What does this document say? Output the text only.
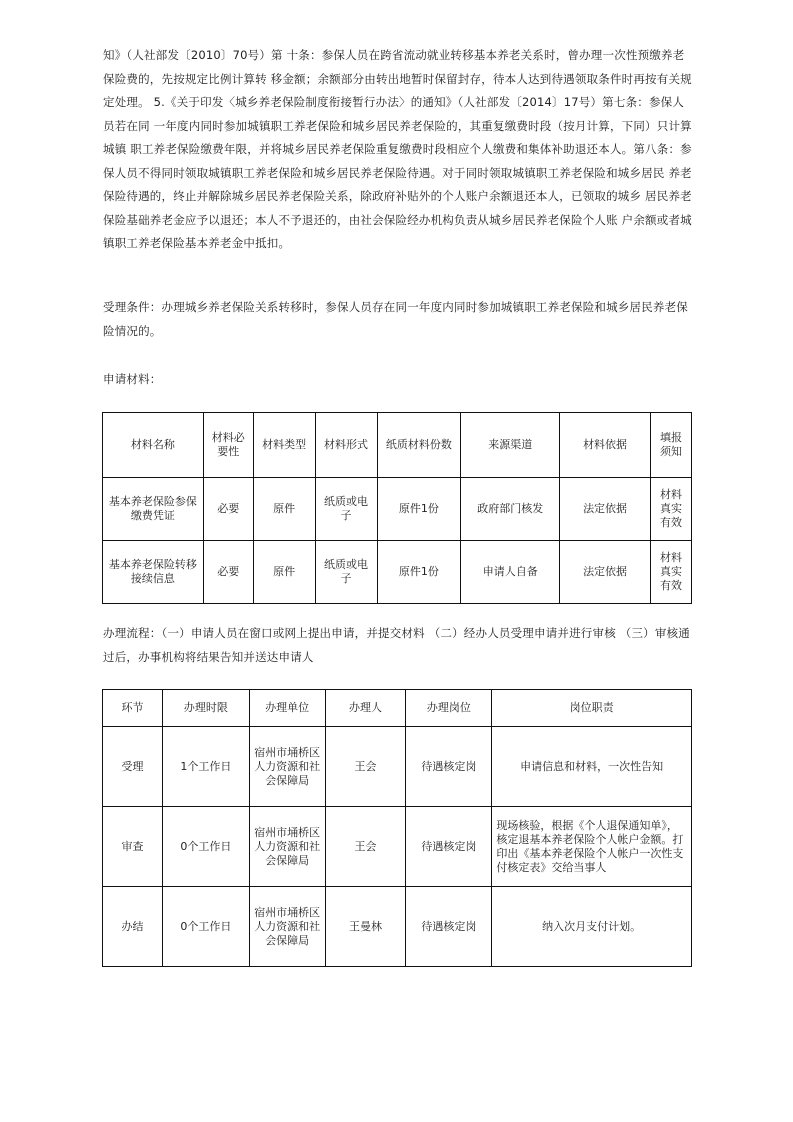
知》（人社部发〔2010〕70号）第 十条：参保人员在跨省流动就业转移基本养老关系时，曾办理一次性预缴养老保险费的，先按规定比例计算转 移金额；余额部分由转出地暂时保留封存，待本人达到待遇领取条件时再按有关规定处理。 5.《关于印发〈城乡养老保险制度衔接暂行办法〉的通知》（人社部发〔2014〕17号）第七条：参保人员若在同 一年度内同时参加城镇职工养老保险和城乡居民养老保险的，其重复缴费时段（按月计算，下同）只计算城镇 职工养老保险缴费年限，并将城乡居民养老保险重复缴费时段相应个人缴费和集体补助退还本人。第八条：参 保人员不得同时领取城镇职工养老保险和城乡居民养老保险待遇。对于同时领取城镇职工养老保险和城乡居民 养老保险待遇的，终止并解除城乡居民养老保险关系，除政府补贴外的个人账户余额退还本人，已领取的城乡 居民养老保险基础养老金应予以退还；本人不予退还的，由社会保险经办机构负责从城乡居民养老保险个人账 户余额或者城镇职工养老保险基本养老金中抵扣。

受理条件：办理城乡养老保险关系转移时，参保人员存在同一年度内同时参加城镇职工养老保险和城乡居民养老保险情况的。

申请材料：

材料名称	材料必要性	材料类型	材料形式	纸质材料份数	来源渠道	材料依据	填报须知
基本养老保险参保缴费凭证	必要	原件	纸质或电子	原件1份	政府部门核发	法定依据	材料真实有效
基本养老保险转移接续信息	必要	原件	纸质或电子	原件1份	申请人自备	法定依据	材料真实有效

办理流程：（一）申请人员在窗口或网上提出申请，并提交材料 （二）经办人员受理申请并进行审核 （三）审核通过后，办事机构将结果告知并送达申请人

环节	办理时限	办理单位	办理人	办理岗位	岗位职责
受理	1个工作日	宿州市埇桥区人力资源和社会保障局	王会	待遇核定岗	申请信息和材料，一次性告知
审查	0个工作日	宿州市埇桥区人力资源和社会保障局	王会	待遇核定岗	现场核验，根据《个人退保通知单》，核定退基本养老保险个人帐户金额。打印出《基本养老保险个人帐户一次性支付核定表》交给当事人
办结	0个工作日	宿州市埇桥区人力资源和社会保障局	王曼林	待遇核定岗	纳入次月支付计划。
